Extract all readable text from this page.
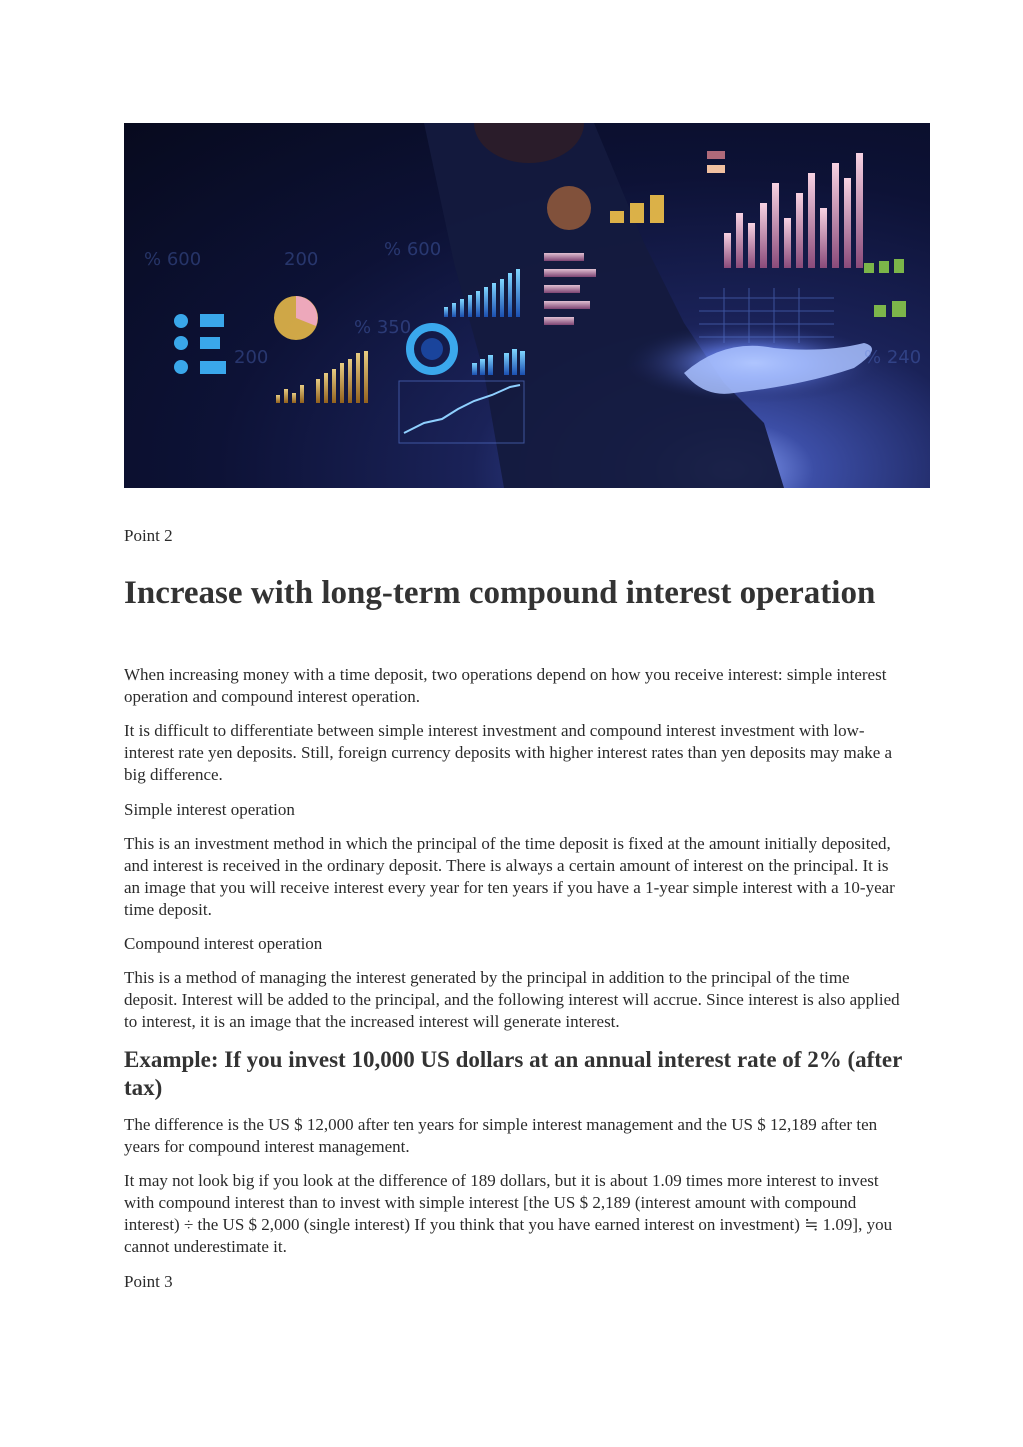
% 600	200	% 600
200
% 350
% 240

Point 2

Increase with long-term compound interest operation

When increasing money with a time deposit, two operations depend on how you receive interest: simple interest operation and compound interest operation.

It is difficult to differentiate between simple interest investment and compound interest investment with low-interest rate yen deposits. Still, foreign currency deposits with higher interest rates than yen deposits may make a big difference.

Simple interest operation

This is an investment method in which the principal of the time deposit is fixed at the amount initially deposited, and interest is received in the ordinary deposit. There is always a certain amount of interest on the principal. It is an image that you will receive interest every year for ten years if you have a 1-year simple interest with a 10-year time deposit.

Compound interest operation

This is a method of managing the interest generated by the principal in addition to the principal of the time deposit. Interest will be added to the principal, and the following interest will accrue. Since interest is also applied to interest, it is an image that the increased interest will generate interest.

Example: If you invest 10,000 US dollars at an annual interest rate of 2% (after tax)

The difference is the US $ 12,000 after ten years for simple interest management and the US $ 12,189 after ten years for compound interest management.

It may not look big if you look at the difference of 189 dollars, but it is about 1.09 times more interest to invest with compound interest than to invest with simple interest [the US $ 2,189 (interest amount with compound interest) ÷ the US $ 2,000 (single interest) If you think that you have earned interest on investment) ≒ 1.09], you cannot underestimate it.

Point 3
